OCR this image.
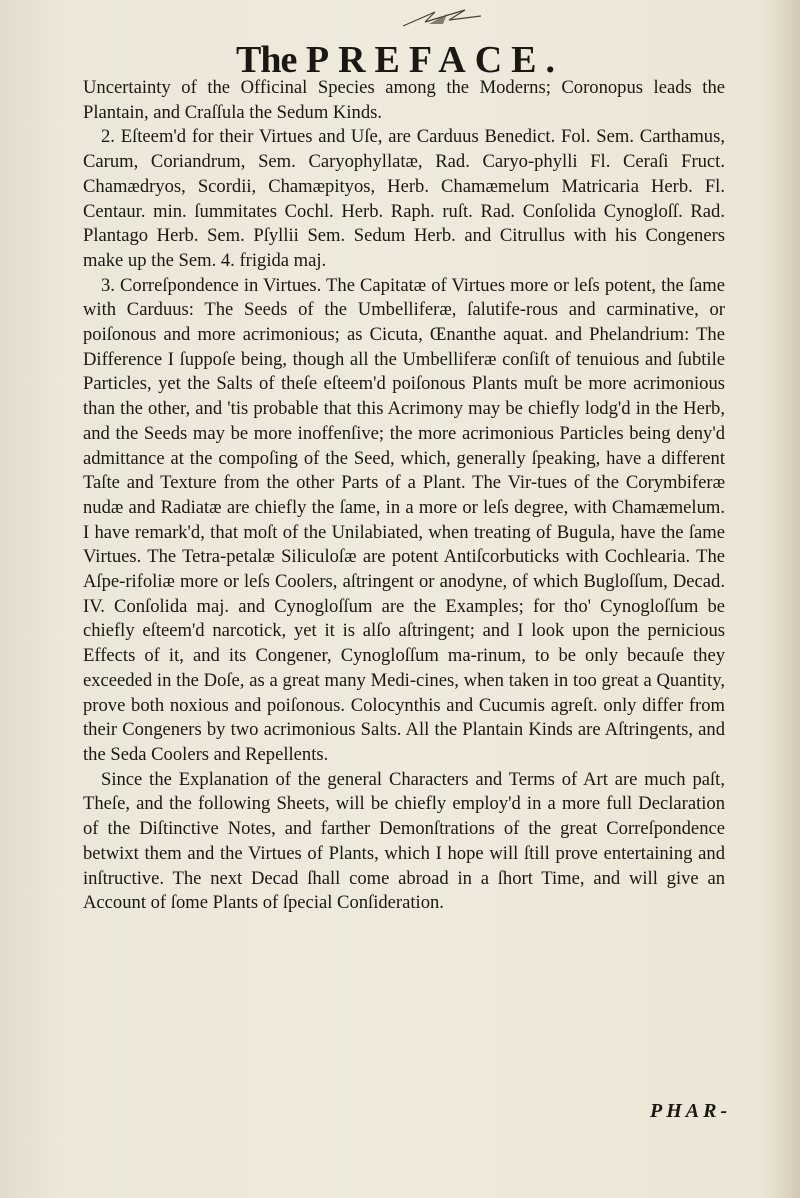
The PREFACE.

Uncertainty of the Officinal Species among the Moderns; Coronopus leads the Plantain, and Craſſula the Sedum Kinds.

2. Eſteem'd for their Virtues and Uſe, are Carduus Benedict. Fol. Sem. Carthamus, Carum, Coriandrum, Sem. Caryophyllatæ, Rad. Caryo-phylli Fl. Ceraſi Fruct. Chamædryos, Scordii, Chamæpityos, Herb. Chamæmelum Matricaria Herb. Fl. Centaur. min. ſummitates Cochl. Herb. Raph. ruſt. Rad. Conſolida Cynogloſſ. Rad. Plantago Herb. Sem. Pſyllii Sem. Sedum Herb. and Citrullus with his Congeners make up the Sem. 4. frigida maj.

3. Correſpondence in Virtues. The Capitatæ of Virtues more or leſs potent, the ſame with Carduus: The Seeds of the Umbelliferæ, ſalutife-rous and carminative, or poiſonous and more acrimonious; as Cicuta, Œnanthe aquat. and Phelandrium: The Difference I ſuppoſe being, though all the Umbelliferæ conſiſt of tenuious and ſubtile Particles, yet the Salts of theſe eſteem'd poiſonous Plants muſt be more acrimonious than the other, and 'tis probable that this Acrimony may be chiefly lodg'd in the Herb, and the Seeds may be more inoffenſive; the more acrimonious Particles being deny'd admittance at the compoſing of the Seed, which, generally ſpeaking, have a different Taſte and Texture from the other Parts of a Plant. The Vir-tues of the Corymbiferæ nudæ and Radiatæ are chiefly the ſame, in a more or leſs degree, with Chamæmelum. I have remark'd, that moſt of the Unilabiated, when treating of Bugula, have the ſame Virtues. The Tetra-petalæ Siliculoſæ are potent Antiſcorbuticks with Cochlearia. The Aſpe-rifoliæ more or leſs Coolers, aſtringent or anodyne, of which Bugloſſum, Decad. IV. Conſolida maj. and Cynogloſſum are the Examples; for tho' Cynogloſſum be chiefly eſteem'd narcotick, yet it is alſo aſtringent; and I look upon the pernicious Effects of it, and its Congener, Cynogloſſum ma-rinum, to be only becauſe they exceeded in the Doſe, as a great many Medi-cines, when taken in too great a Quantity, prove both noxious and poiſonous. Colocynthis and Cucumis agreſt. only differ from their Congeners by two acrimonious Salts. All the Plantain Kinds are Aſtringents, and the Seda Coolers and Repellents.

Since the Explanation of the general Characters and Terms of Art are much paſt, Theſe, and the following Sheets, will be chiefly employ'd in a more full Declaration of the Diſtinctive Notes, and farther Demonſtrations of the great Correſpondence betwixt them and the Virtues of Plants, which I hope will ſtill prove entertaining and inſtructive. The next Decad ſhall come abroad in a ſhort Time, and will give an Account of ſome Plants of ſpecial Conſideration.

PHAR-
